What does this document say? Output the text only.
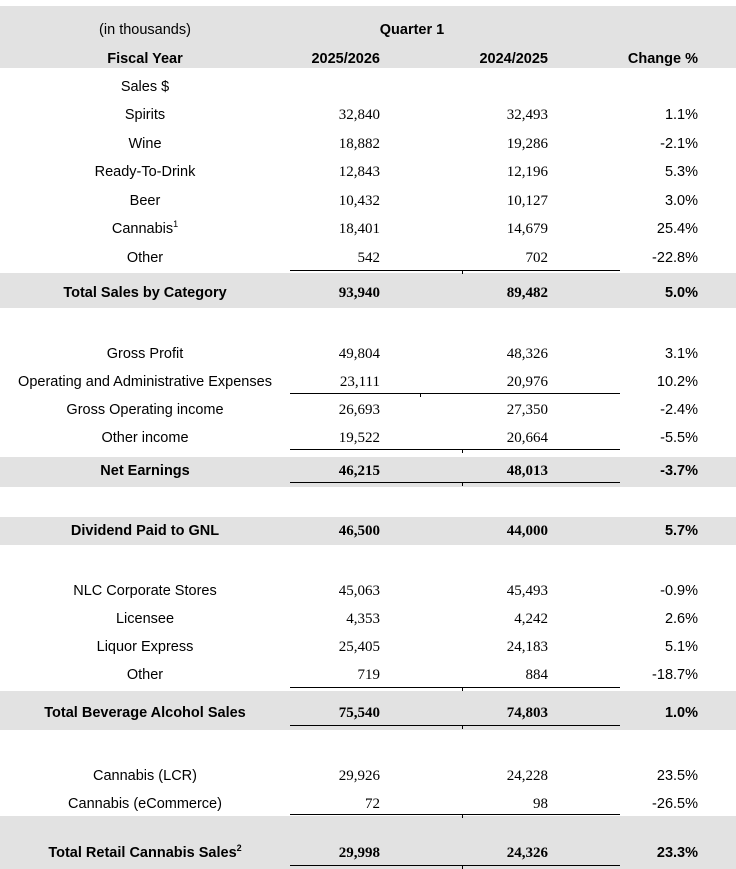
(in thousands)	Quarter 1
Fiscal Year	2025/2026	2024/2025	Change %
Sales $
Spirits	32,840	32,493	1.1%
Wine	18,882	19,286	-2.1%
Ready-To-Drink	12,843	12,196	5.3%
Beer	10,432	10,127	3.0%
Cannabis$^1$	18,401	14,679	25.4%
Other	542	702	-22.8%
Total Sales by Category	93,940	89,482	5.0%
Gross Profit	49,804	48,326	3.1%
Operating and Administrative Expenses	23,111	20,976	10.2%
Gross Operating income	26,693	27,350	-2.4%
Other income	19,522	20,664	-5.5%
Net Earnings	46,215	48,013	-3.7%
Dividend Paid to GNL	46,500	44,000	5.7%
NLC Corporate Stores	45,063	45,493	-0.9%
Licensee	4,353	4,242	2.6%
Liquor Express	25,405	24,183	5.1%
Other	719	884	-18.7%
Total Beverage Alcohol Sales	75,540	74,803	1.0%
Cannabis (LCR)	29,926	24,228	23.5%
Cannabis (eCommerce)	72	98	-26.5%
Total Retail Cannabis Sales$^2$	29,998	24,326	23.3%
